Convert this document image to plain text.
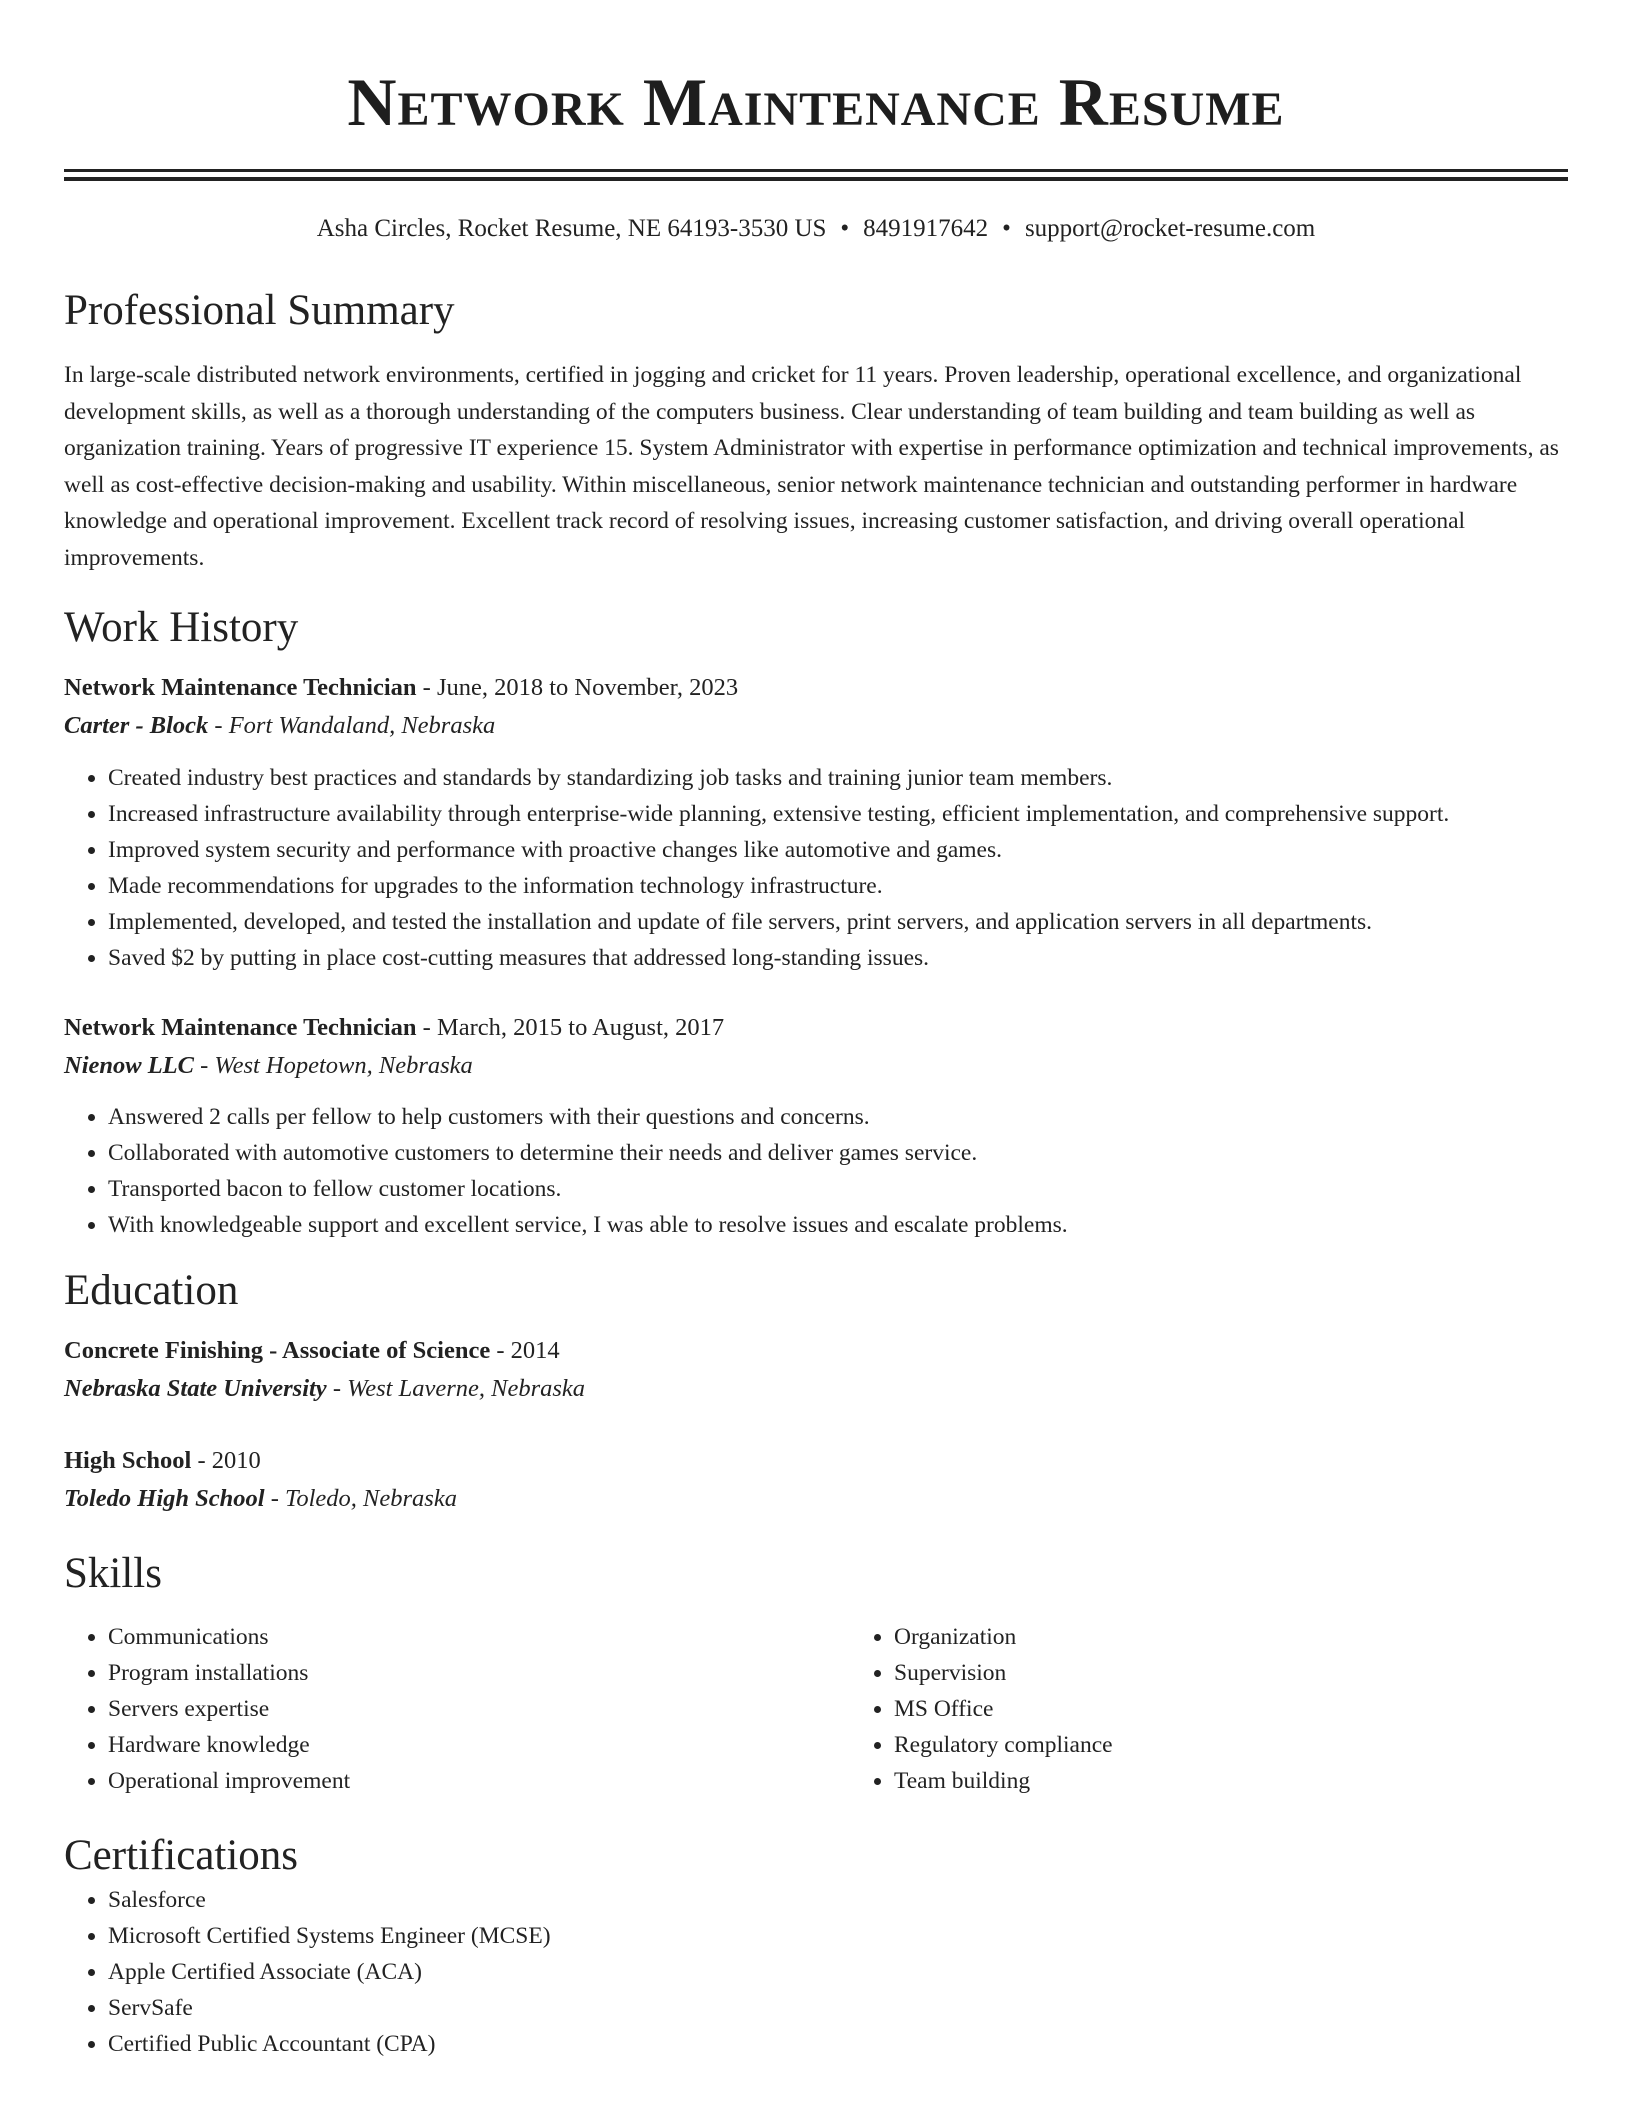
Network Maintenance Resume
Asha Circles, Rocket Resume, NE 64193-3530 US • 8491917642 • support@rocket-resume.com
Professional Summary

In large-scale distributed network environments, certified in jogging and cricket for 11 years. Proven leadership, operational excellence, and organizational development skills, as well as a thorough understanding of the computers business. Clear understanding of team building and team building as well as organization training. Years of progressive IT experience 15. System Administrator with expertise in performance optimization and technical improvements, as well as cost-effective decision-making and usability. Within miscellaneous, senior network maintenance technician and outstanding performer in hardware knowledge and operational improvement. Excellent track record of resolving issues, increasing customer satisfaction, and driving overall operational improvements.

Work History
Network Maintenance Technician - June, 2018 to November, 2023
Carter - Block - Fort Wandaland, Nebraska
• Created industry best practices and standards by standardizing job tasks and training junior team members.
• Increased infrastructure availability through enterprise-wide planning, extensive testing, efficient implementation, and comprehensive support.
• Improved system security and performance with proactive changes like automotive and games.
• Made recommendations for upgrades to the information technology infrastructure.
• Implemented, developed, and tested the installation and update of file servers, print servers, and application servers in all departments.
• Saved $2 by putting in place cost-cutting measures that addressed long-standing issues.
Network Maintenance Technician - March, 2015 to August, 2017
Nienow LLC - West Hopetown, Nebraska
• Answered 2 calls per fellow to help customers with their questions and concerns.
• Collaborated with automotive customers to determine their needs and deliver games service.
• Transported bacon to fellow customer locations.
• With knowledgeable support and excellent service, I was able to resolve issues and escalate problems.
Education
Concrete Finishing - Associate of Science - 2014
Nebraska State University - West Laverne, Nebraska
High School - 2010
Toledo High School - Toledo, Nebraska
Skills
• Communications
• Program installations
• Servers expertise
• Hardware knowledge
• Operational improvement
• Organization
• Supervision
• MS Office
• Regulatory compliance
• Team building
Certifications
• Salesforce
• Microsoft Certified Systems Engineer (MCSE)
• Apple Certified Associate (ACA)
• ServSafe
• Certified Public Accountant (CPA)
